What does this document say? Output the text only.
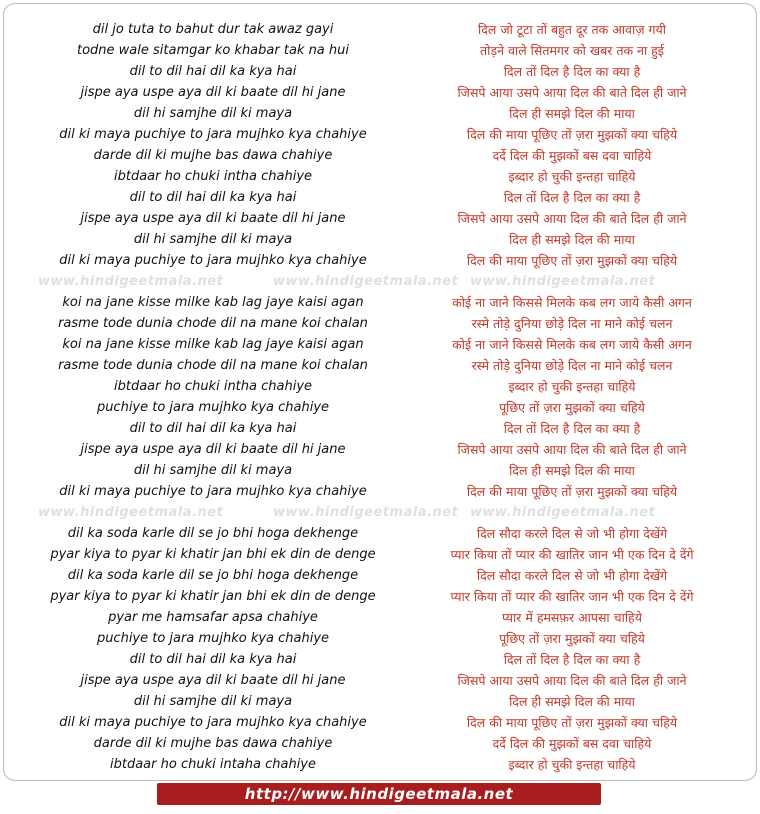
dil jo tuta to bahut dur tak awaz gayi
todne wale sitamgar ko khabar tak na hui
dil to dil hai dil ka kya hai
jispe aya uspe aya dil ki baate dil hi jane
dil hi samjhe dil ki maya
dil ki maya puchiye to jara mujhko kya chahiye
darde dil ki mujhe bas dawa chahiye
ibtdaar ho chuki intha chahiye
dil to dil hai dil ka kya hai
jispe aya uspe aya dil ki baate dil hi jane
dil hi samjhe dil ki maya
dil ki maya puchiye to jara mujhko kya chahiye
www.hindigeetmala.net	www.hindigeetmala.net
koi na jane kisse milke kab lag jaye kaisi agan
rasme tode dunia chode dil na mane koi chalan
koi na jane kisse milke kab lag jaye kaisi agan
rasme tode dunia chode dil na mane koi chalan
ibtdaar ho chuki intha chahiye
puchiye to jara mujhko kya chahiye
dil to dil hai dil ka kya hai
jispe aya uspe aya dil ki baate dil hi jane
dil hi samjhe dil ki maya
dil ki maya puchiye to jara mujhko kya chahiye
www.hindigeetmala.net	www.hindigeetmala.net
dil ka soda karle dil se jo bhi hoga dekhenge
pyar kiya to pyar ki khatir jan bhi ek din de denge
dil ka soda karle dil se jo bhi hoga dekhenge
pyar kiya to pyar ki khatir jan bhi ek din de denge
pyar me hamsafar apsa chahiye
puchiye to jara mujhko kya chahiye
dil to dil hai dil ka kya hai
jispe aya uspe aya dil ki baate dil hi jane
dil hi samjhe dil ki maya
dil ki maya puchiye to jara mujhko kya chahiye
darde dil ki mujhe bas dawa chahiye
ibtdaar ho chuki intaha chahiye
दिल जो टूटा तों बहुत दूर तक आवाज़ गयी
तोड़ने वाले सितमगर को खबर तक ना हुई
दिल तों दिल है दिल का क्या है
जिसपे आया उसपे आया दिल की बाते दिल ही जाने
दिल ही समझे दिल की माया
दिल की माया पूछिए तों ज़रा मुझकों क्या चहिये
दर्दे दिल की मुझकों बस दवा चाहिये
इब्दार हो चुकी इन्तहा चाहिये
दिल तों दिल है दिल का क्या है
जिसपे आया उसपे आया दिल की बाते दिल ही जाने
दिल ही समझे दिल की माया
दिल की माया पूछिए तों ज़रा मुझकों क्या चहिये
www.hindigeetmala.net
कोई ना जाने किससे मिलके कब लग जाये कैसी अगन
रस्मे तोड़े दुनिया छोड़े दिल ना माने कोई चलन
कोई ना जाने किससे मिलके कब लग जाये कैसी अगन
रस्मे तोड़े दुनिया छोड़े दिल ना माने कोई चलन
इब्दार हो चुकी इन्तहा चाहिये
पूछिए तों ज़रा मुझकों क्या चहिये
दिल तों दिल है दिल का क्या है
जिसपे आया उसपे आया दिल की बाते दिल ही जाने
दिल ही समझे दिल की माया
दिल की माया पूछिए तों ज़रा मुझकों क्या चहिये
www.hindigeetmala.net
दिल सौदा करले दिल से जो भी होगा देखेंगे
प्यार किया तों प्यार की खातिर जान भी एक दिन दे देंगे
दिल सौदा करले दिल से जो भी होगा देखेंगे
प्यार किया तों प्यार की खातिर जान भी एक दिन दे देंगे
प्यार में हमसफ़र आपसा चाहिये
पूछिए तों ज़रा मुझकों क्या चहिये
दिल तों दिल है दिल का क्या है
जिसपे आया उसपे आया दिल की बाते दिल ही जाने
दिल ही समझे दिल की माया
दिल की माया पूछिए तों ज़रा मुझकों क्या चहिये
दर्दे दिल की मुझकों बस दवा चाहिये
इब्दार हो चुकी इन्तहा चाहिये
http://www.hindigeetmala.net
